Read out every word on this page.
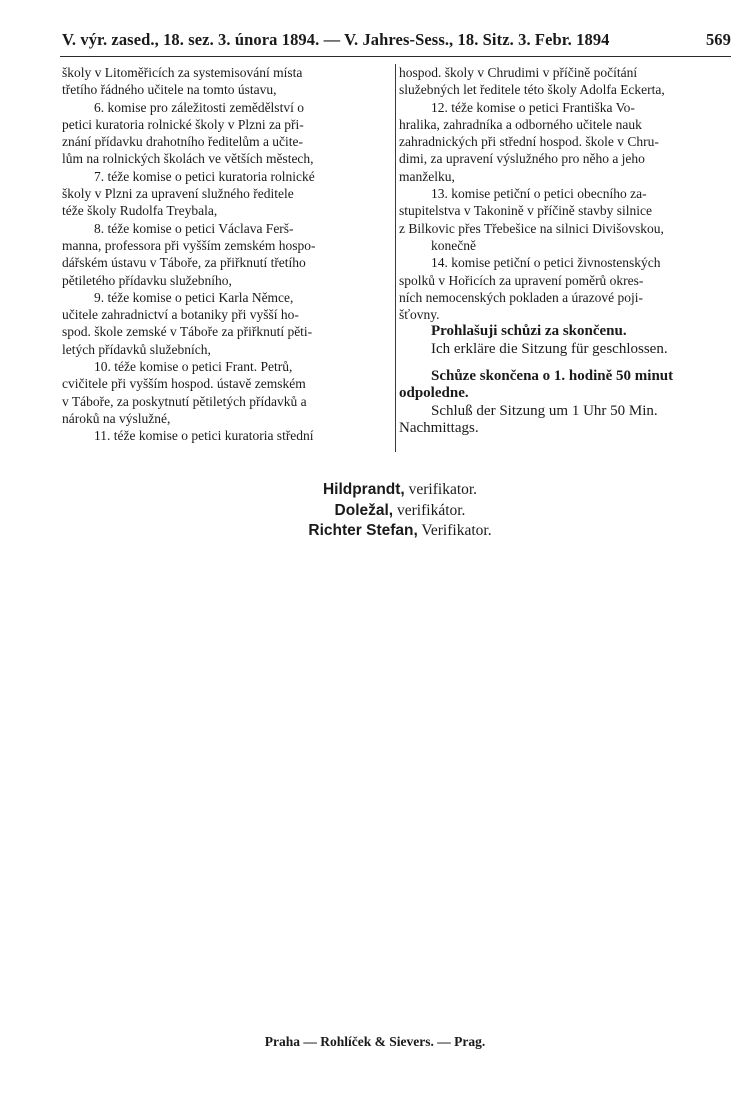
V. výr. zased., 18. sez. 3. února 1894. — V. Jahres-Sess., 18. Sitz. 3. Febr. 1894	569
školy v Litoměřicích za systemisování místa
třetího řádného učitele na tomto ústavu,
6. komise pro záležitosti zemědělství o
petici kuratoria rolnické školy v Plzni za při-
znání přídavku drahotního ředitelům a učite-
lům na rolnických školách ve větších městech,
7. téže komise o petici kuratoria rolnické
školy v Plzni za upravení služného ředitele
téže školy Rudolfa Treybala,
8. téže komise o petici Václava Ferš-
manna, professora při vyšším zemském hospo-
dářském ústavu v Táboře, za přiřknutí třetího
pětiletého přídavku služebního,
9. téže komise o petici Karla Němce,
učitele zahradnictví a botaniky při vyšší ho-
spod. škole zemské v Táboře za přiřknutí pěti-
letých přídavků služebních,
10. téže komise o petici Frant. Petrů,
cvičitele při vyšším hospod. ústavě zemském
v Táboře, za poskytnutí pětiletých přídavků a
nároků na výslužné,
11. téže komise o petici kuratoria střední
hospod. školy v Chrudimi v příčině počítání
služebných let ředitele této školy Adolfa Eckerta,
12. téže komise o petici Františka Vo-
hralika, zahradníka a odborného učitele nauk
zahradnických při střední hospod. škole v Chru-
dimi, za upravení výslužného pro něho a jeho
manželku,
13. komise petiční o petici obecního za-
stupitelstva v Takonině v příčině stavby silnice
z Bilkovic přes Třebešice na silnici Divišovskou,
konečně
14. komise petiční o petici živnostenských
spolků v Hořicích za upravení poměrů okres-
ních nemocenských pokladen a úrazové poji-
šťovny.
Prohlašuji schůzi za skončenu.
Ich erkläre die Sitzung für geschlossen.
Schůze skončena o 1. hodině 50 minut
odpoledne.
Schluß der Sitzung um 1 Uhr 50 Min.
Nachmittags.
Hildprandt, verifikator.
Doležal, verifikátor.
Richter Stefan, Verifikator.
Praha — Rohlíček & Sievers. — Prag.
